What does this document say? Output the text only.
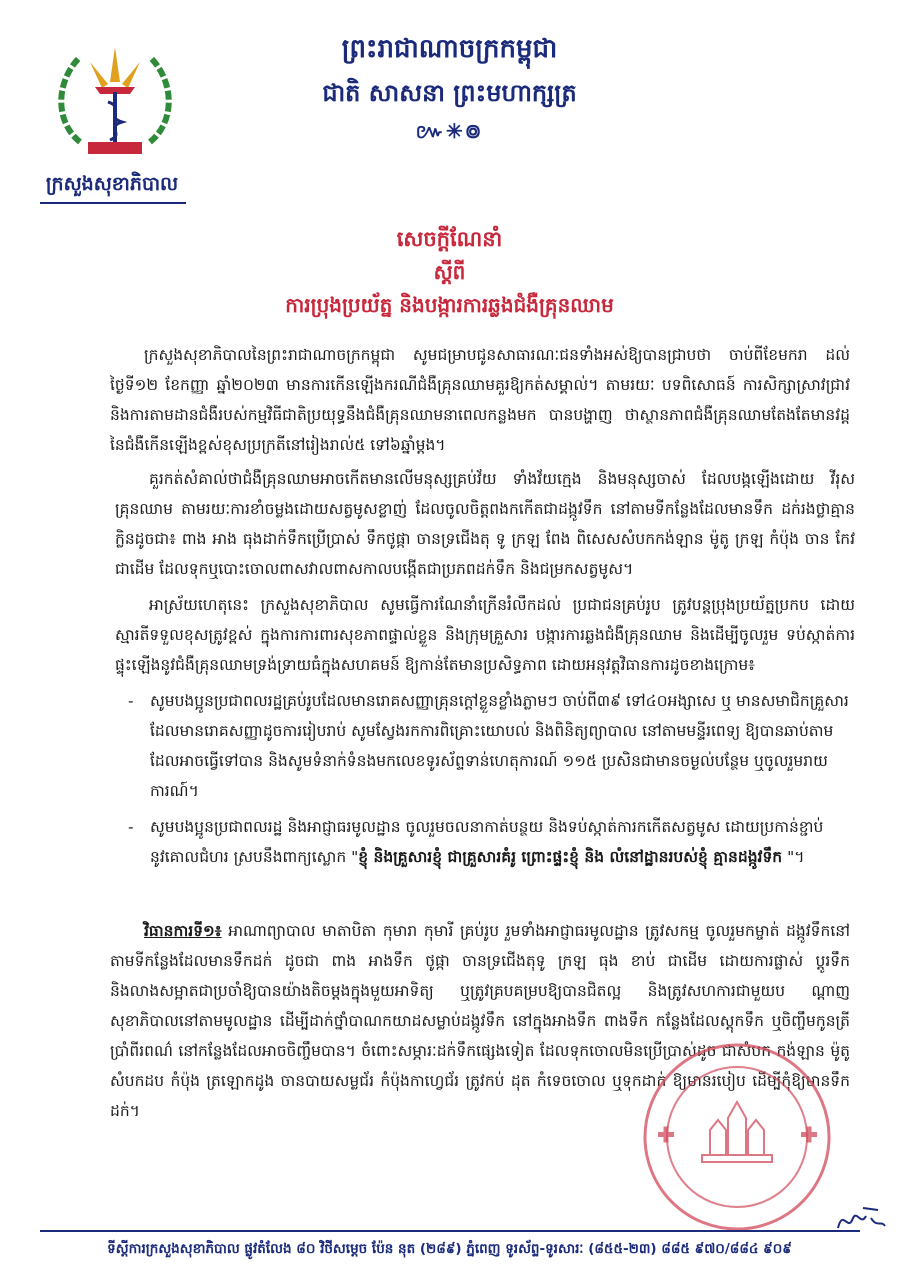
ព្រះរាជាណាចក្រកម្ពុជា
ជាតិ សាសនា ព្រះមហាក្សត្រ
៚✳៙
ក្រសួងសុខាភិបាល
សេចក្តីណែនាំ
ស្តីពី
ការប្រុងប្រយ័ត្ន និងបង្ការការឆ្លងជំងឺគ្រុនឈាម
ក្រសួងសុខាភិបាលនៃព្រះរាជាណាចក្រកម្ពុជា សូមជម្រាបជូនសាធារណៈជនទាំងអស់ឱ្យបានជ្រាបថា ចាប់ពីខែមករា ដល់ថ្ងៃទី១២ ខែកញ្ញា ឆ្នាំ២០២៣ មានការកើនឡើងករណីជំងឺគ្រុនឈាមគួរឱ្យកត់សម្គាល់។ តាមរយៈ បទពិសោធន៍ ការសិក្សាស្រាវជ្រាវ និងការតាមដានជំងឺរបស់កម្មវិធីជាតិប្រយុទ្ធនឹងជំងឺគ្រុនឈាមនាពេលកន្លងមក បានបង្ហាញ ថាស្ថានភាពជំងឺគ្រុនឈាមតែងតែមានវដ្តនៃជំងឺកើនឡើងខ្ពស់ខុសប្រក្រតីនៅរៀងរាល់៥ ទៅ៦ឆ្នាំម្តង។
គួរកត់សំគាល់ថាជំងឺគ្រុនឈាមអាចកើតមានលើមនុស្សគ្រប់វ័យ ទាំងវ័យក្មេង និងមនុស្សចាស់ ដែលបង្កឡើងដោយ វីរុសគ្រុនឈាម តាមរយៈការខាំចម្លងដោយសត្វមូសខ្លាញ់ ដែលចូលចិត្តពងកកើតជាដង្កូវទឹក នៅតាមទីកន្លែងដែលមានទឹក ដក់រងថ្លាគ្មានក្លិនដូចជា៖ ពាង អាង ធុងដាក់ទឹកប្រើប្រាស់ ទឹកថូផ្កា ចានទ្រជើងតុ ទូ ក្រឡ ពែង ពិសេសសំបកកង់ឡាន ម៉ូតូ ក្រឡ កំប៉ុង ចាន កែវ ជាដើម ដែលទុកឬបោះចោលពាសវាលពាសកាលបង្កើតជាប្រភពដក់ទឹក និងជម្រកសត្វមូស។
អាស្រ័យហេតុនេះ ក្រសួងសុខាភិបាល សូមធ្វើការណែនាំក្រើនរំលឹកដល់ ប្រជាជនគ្រប់រូប ត្រូវបន្តប្រុងប្រយ័ត្នប្រកប ដោយស្មារតីទទួលខុសត្រូវខ្ពស់ ក្នុងការការពារសុខភាពផ្ទាល់ខ្លួន និងក្រុមគ្រួសារ បង្ការការឆ្លងជំងឺគ្រុនឈាម និងដើម្បីចូលរួម ទប់ស្កាត់ការផ្ទុះឡើងនូវជំងឺគ្រុនឈាមទ្រង់ទ្រាយធំក្នុងសហគមន៍ ឱ្យកាន់តែមានប្រសិទ្ធភាព ដោយអនុវត្តវិធានការដូចខាងក្រោម៖
- សូមបងប្អូនប្រជាពលរដ្ឋគ្រប់រូបដែលមានរោគសញ្ញាគ្រុនក្តៅខ្លួនខ្លាំងភ្លាមៗ ចាប់ពី៣៩ ទៅ៤០អង្សាសេ ឬ មានសមាជិកគ្រួសារដែលមានរោគសញ្ញាដូចការរៀបរាប់ សូមស្វែងរកការពិគ្រោះយោបល់ និងពិនិត្យព្យាបាល នៅតាមមន្ទីរពេទ្យ ឱ្យបានឆាប់តាមដែលអាចធ្វើទៅបាន និងសូមទំនាក់ទំនងមកលេខទូរស័ព្ទទាន់ហេតុការណ៍ ១១៥ ប្រសិនជាមានចម្ងល់បន្ថែម ឬចូលរួមរាយការណ៍។
- សូមបងប្អូនប្រជាពលរដ្ឋ និងអាជ្ញាធរមូលដ្ឋាន ចូលរួមចលនាកាត់បន្ថយ និងទប់ស្កាត់ការកកើតសត្វមូស ដោយប្រកាន់ខ្ជាប់នូវគោលជំហរ ស្របនឹងពាក្យស្លោក "ខ្ញុំ និងគ្រួសារខ្ញុំ ជាគ្រួសារគំរូ ព្រោះផ្ទះខ្ញុំ និង លំនៅដ្ឋានរបស់ខ្ញុំ គ្មានដង្កូវទឹក "។
វិធានការទី១៖ អាណាព្យាបាល មាតាបិតា កុមារា កុមារី គ្រប់រូប រួមទាំងអាជ្ញាធរមូលដ្ឋាន ត្រូវសកម្ម ចូលរួមកម្ចាត់ ដង្កូវទឹកនៅតាមទីកន្លែងដែលមានទឹកដក់ ដូចជា ពាង អាងទឹក ថូផ្កា ចានទ្រជើងតុទូ ក្រឡ ធុង ខាប់ ជាដើម ដោយការផ្លាស់ ប្តូរទឹក និងលាងសម្អាតជាប្រចាំឱ្យបានយ៉ាងតិចម្តងក្នុងមួយអាទិត្យ ឬត្រូវគ្របគម្របឱ្យបានជិតល្អ និងត្រូវសហការជាមួយប ណ្តាញសុខាភិបាលនៅតាមមូលដ្ឋាន ដើម្បីដាក់ថ្នាំបាណកយាដសម្លាប់ដង្កូវទឹក នៅក្នុងអាងទឹក ពាងទឹក កន្លែងដែលស្តុកទឹក ឬចិញ្ចឹមកូនត្រីប្រាំពីរពណ៌ នៅកន្លែងដែលអាចចិញ្ចឹមបាន។ ចំពោះសម្ភារៈដក់ទឹកផ្សេងទៀត ដែលទុកចោលមិនប្រើប្រាស់ដូច ជាសំបក កង់ឡាន ម៉ូតូ សំបកដប កំប៉ុង ត្រឡោកដូង ចានបាយសម្លជ័រ កំប៉ុងកាហ្វេជ័រ ត្រូវកប់ ដុត កំទេចចោល ឬទុកដាក់ ឱ្យមានរបៀប ដើម្បីកុំឱ្យមានទឹកដក់។
ទីស្តីការក្រសួងសុខាភិបាល ផ្លូវតំលែង ៨០ វិថីសម្តេច ប៉ែន នុត (២៨៩) ភ្នំពេញ ទូរស័ព្ទ-ទូរសារៈ (៨៥៥-២៣) ៨៨៥ ៩៧០/៨៨៤ ៩០៩
